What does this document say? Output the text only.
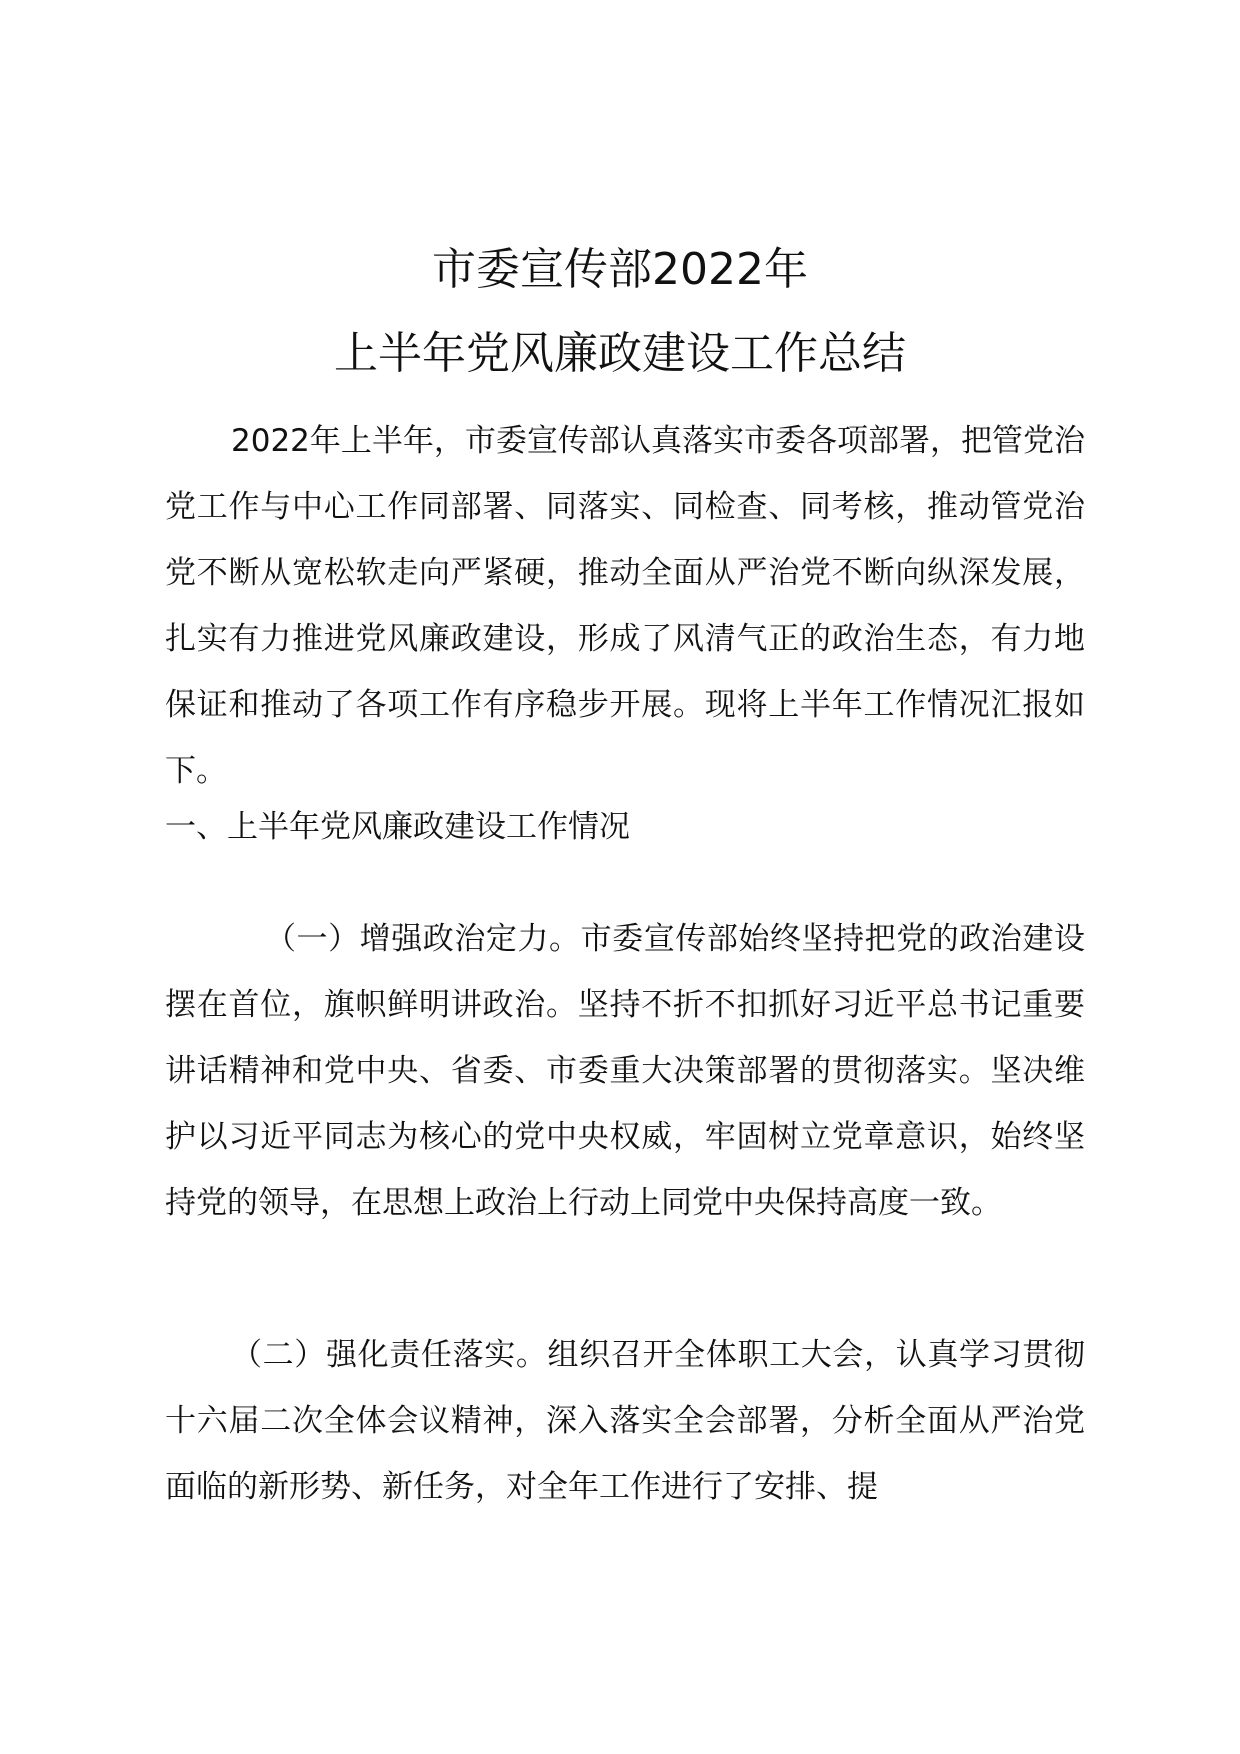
市委宣传部2022年
上半年党风廉政建设工作总结

2022年上半年，市委宣传部认真落实市委各项部署，把管党治党工作与中心工作同部署、同落实、同检查、同考核，推动管党治党不断从宽松软走向严紧硬，推动全面从严治党不断向纵深发展，扎实有力推进党风廉政建设，形成了风清气正的政治生态，有力地保证和推动了各项工作有序稳步开展。现将上半年工作情况汇报如下。

一、上半年党风廉政建设工作情况

（一）增强政治定力。市委宣传部始终坚持把党的政治建设摆在首位，旗帜鲜明讲政治。坚持不折不扣抓好习近平总书记重要讲话精神和党中央、省委、市委重大决策部署的贯彻落实。坚决维护以习近平同志为核心的党中央权威，牢固树立党章意识，始终坚持党的领导，在思想上政治上行动上同党中央保持高度一致。

（二）强化责任落实。组织召开全体职工大会，认真学习贯彻十六届二次全体会议精神，深入落实全会部署，分析全面从严治党面临的新形势、新任务，对全年工作进行了安排、提
